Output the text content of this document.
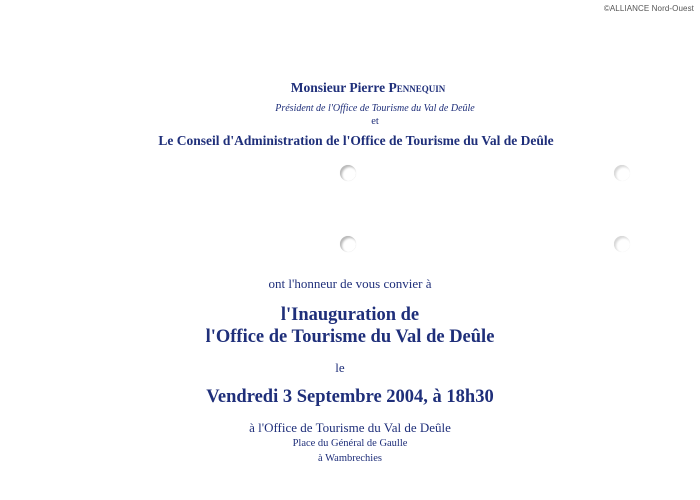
©ALLIANCE Nord-Ouest
Monsieur Pierre Pennequin
Président de l'Office de Tourisme du Val de Deûle
et
Le Conseil d'Administration de l'Office de Tourisme du Val de Deûle
ont l'honneur de vous convier à
l'Inauguration de
l'Office de Tourisme du Val de Deûle
le
Vendredi 3 Septembre 2004, à 18h30
à l'Office de Tourisme du Val de Deûle
Place du Général de Gaulle
à Wambrechies
